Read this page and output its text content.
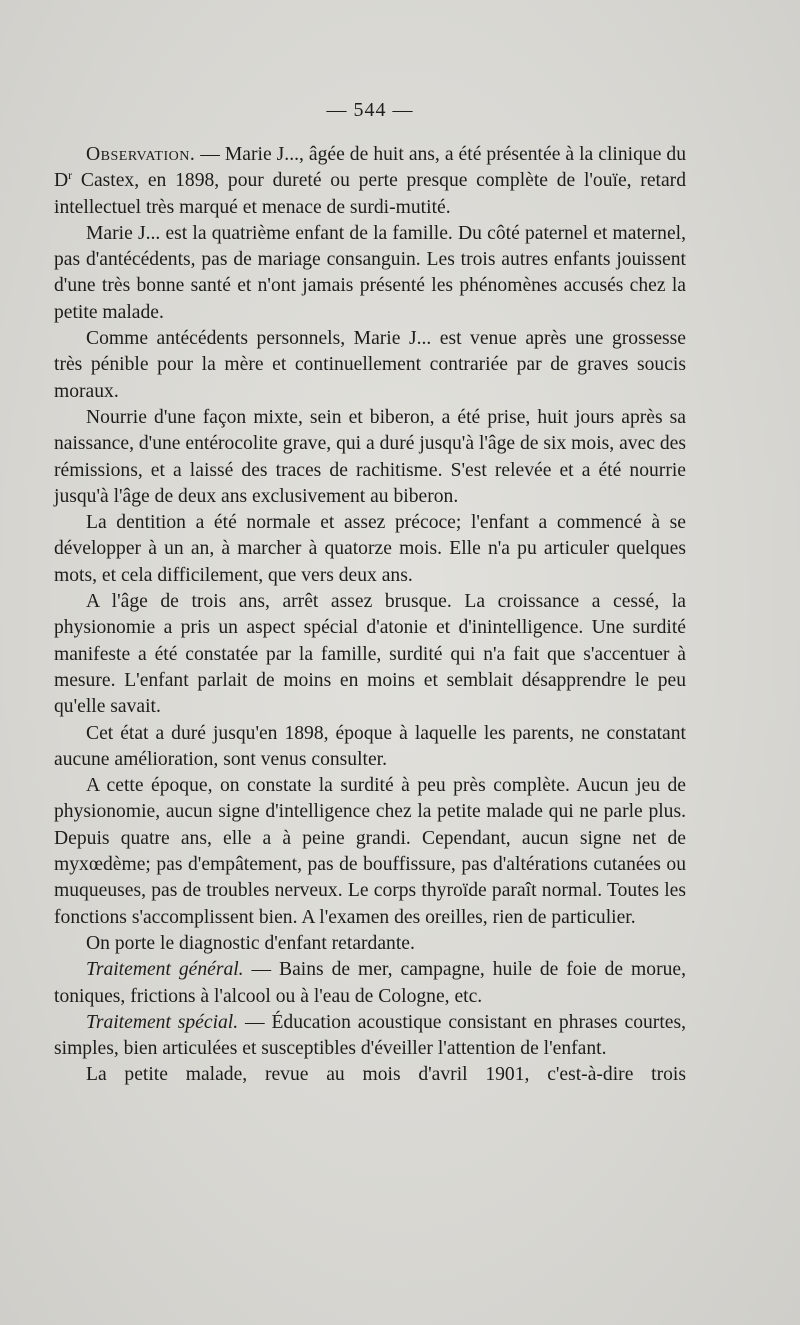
— 544 —

Observation. — Marie J..., âgée de huit ans, a été présentée à la clinique du $D^r$ Castex, en 1898, pour dureté ou perte presque complète de l'ouïe, retard intellectuel très marqué et menace de surdi-mutité.

Marie J... est la quatrième enfant de la famille. Du côté paternel et maternel, pas d'antécédents, pas de mariage consanguin. Les trois autres enfants jouissent d'une très bonne santé et n'ont jamais présenté les phénomènes accusés chez la petite malade.

Comme antécédents personnels, Marie J... est venue après une grossesse très pénible pour la mère et continuellement contrariée par de graves soucis moraux.

Nourrie d'une façon mixte, sein et biberon, a été prise, huit jours après sa naissance, d'une entérocolite grave, qui a duré jusqu'à l'âge de six mois, avec des rémissions, et a laissé des traces de rachitisme. S'est relevée et a été nourrie jusqu'à l'âge de deux ans exclusivement au biberon.

La dentition a été normale et assez précoce; l'enfant a commencé à se développer à un an, à marcher à quatorze mois. Elle n'a pu articuler quelques mots, et cela difficilement, que vers deux ans.

A l'âge de trois ans, arrêt assez brusque. La croissance a cessé, la physionomie a pris un aspect spécial d'atonie et d'inintelligence. Une surdité manifeste a été constatée par la famille, surdité qui n'a fait que s'accentuer à mesure. L'enfant parlait de moins en moins et semblait désapprendre le peu qu'elle savait.

Cet état a duré jusqu'en 1898, époque à laquelle les parents, ne constatant aucune amélioration, sont venus consulter.

A cette époque, on constate la surdité à peu près complète. Aucun jeu de physionomie, aucun signe d'intelligence chez la petite malade qui ne parle plus. Depuis quatre ans, elle a à peine grandi. Cependant, aucun signe net de myxœdème; pas d'empâtement, pas de bouffissure, pas d'altérations cutanées ou muqueuses, pas de troubles nerveux. Le corps thyroïde paraît normal. Toutes les fonctions s'accomplissent bien. A l'examen des oreilles, rien de particulier.

On porte le diagnostic d'enfant retardante.

Traitement général. — Bains de mer, campagne, huile de foie de morue, toniques, frictions à l'alcool ou à l'eau de Cologne, etc.

Traitement spécial. — Éducation acoustique consistant en phrases courtes, simples, bien articulées et susceptibles d'éveiller l'attention de l'enfant.

La petite malade, revue au mois d'avril 1901, c'est-à-dire trois
